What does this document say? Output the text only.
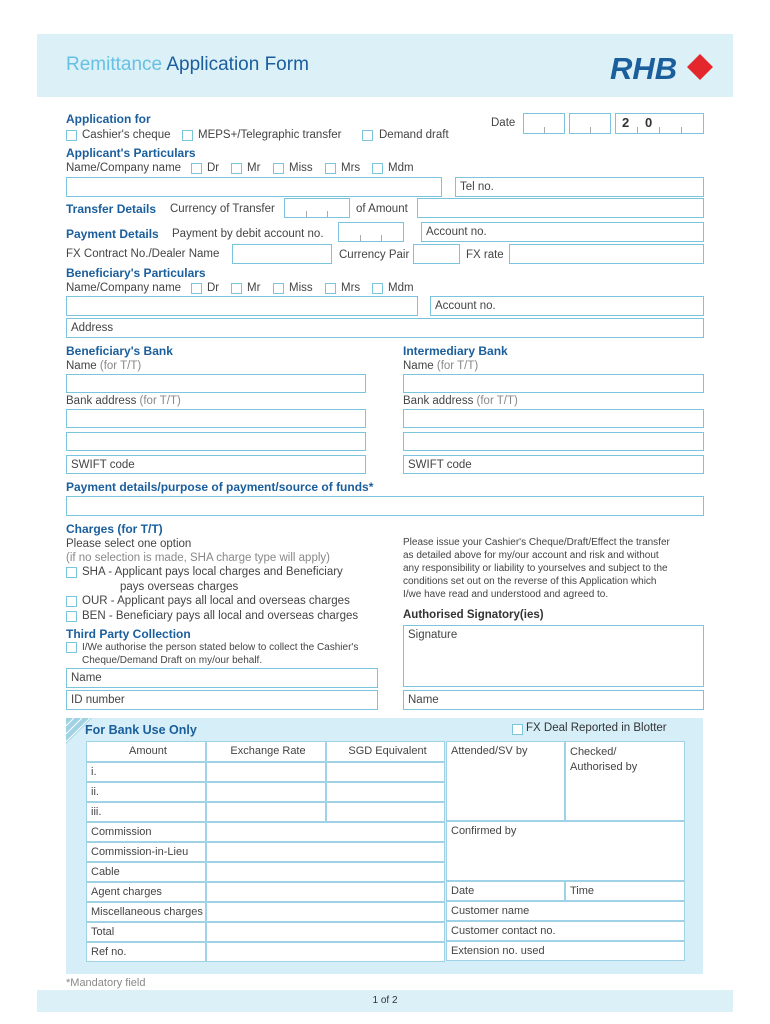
Remittance Application Form	RHB
Application for
Cashier's cheque MEPS+/Telegraphic transfer	Demand draft
Date	2 0
Applicant's Particulars
Name/Company name Dr Mr Miss Mrs Mdm
Tel no.
Transfer Details Currency of Transfer	of Amount
Payment Details Payment by debit account no.	Account no.
FX Contract No./Dealer Name	Currency Pair	FX rate
Beneficiary's Particulars
Name/Company name Dr Mr Miss Mrs Mdm
Account no.
Address
Beneficiary's Bank
Name (for T/T)
Bank address (for T/T)
SWIFT code
Intermediary Bank
Name (for T/T)
Bank address (for T/T)
SWIFT code
Payment details/purpose of payment/source of funds*
Charges (for T/T)
Please select one option
(if no selection is made, SHA charge type will apply)
SHA - Applicant pays local charges and Beneficiary
pays overseas charges
OUR - Applicant pays all local and overseas charges
BEN - Beneficiary pays all local and overseas charges
Please issue your Cashier's Cheque/Draft/Effect the transfer
as detailed above for my/our account and risk and without
any responsibility or liability to yourselves and subject to the
conditions set out on the reverse of this Application which
I/we have read and understood and agreed to.
Authorised Signatory(ies)
Signature
Name
Third Party Collection
I/We authorise the person stated below to collect the Cashier's
Cheque/Demand Draft on my/our behalf.
Name
ID number
For Bank Use Only	FX Deal Reported in Blotter
Amount	Exchange Rate	SGD Equivalent
i.
ii.
iii.
Commission
Commission-in-Lieu
Cable
Agent charges
Miscellaneous charges
Total
Ref no.
Attended/SV by	Checked/
Authorised by
Confirmed by
Date	Time
Customer name
Customer contact no.
Extension no. used
*Mandatory field
1 of 2
